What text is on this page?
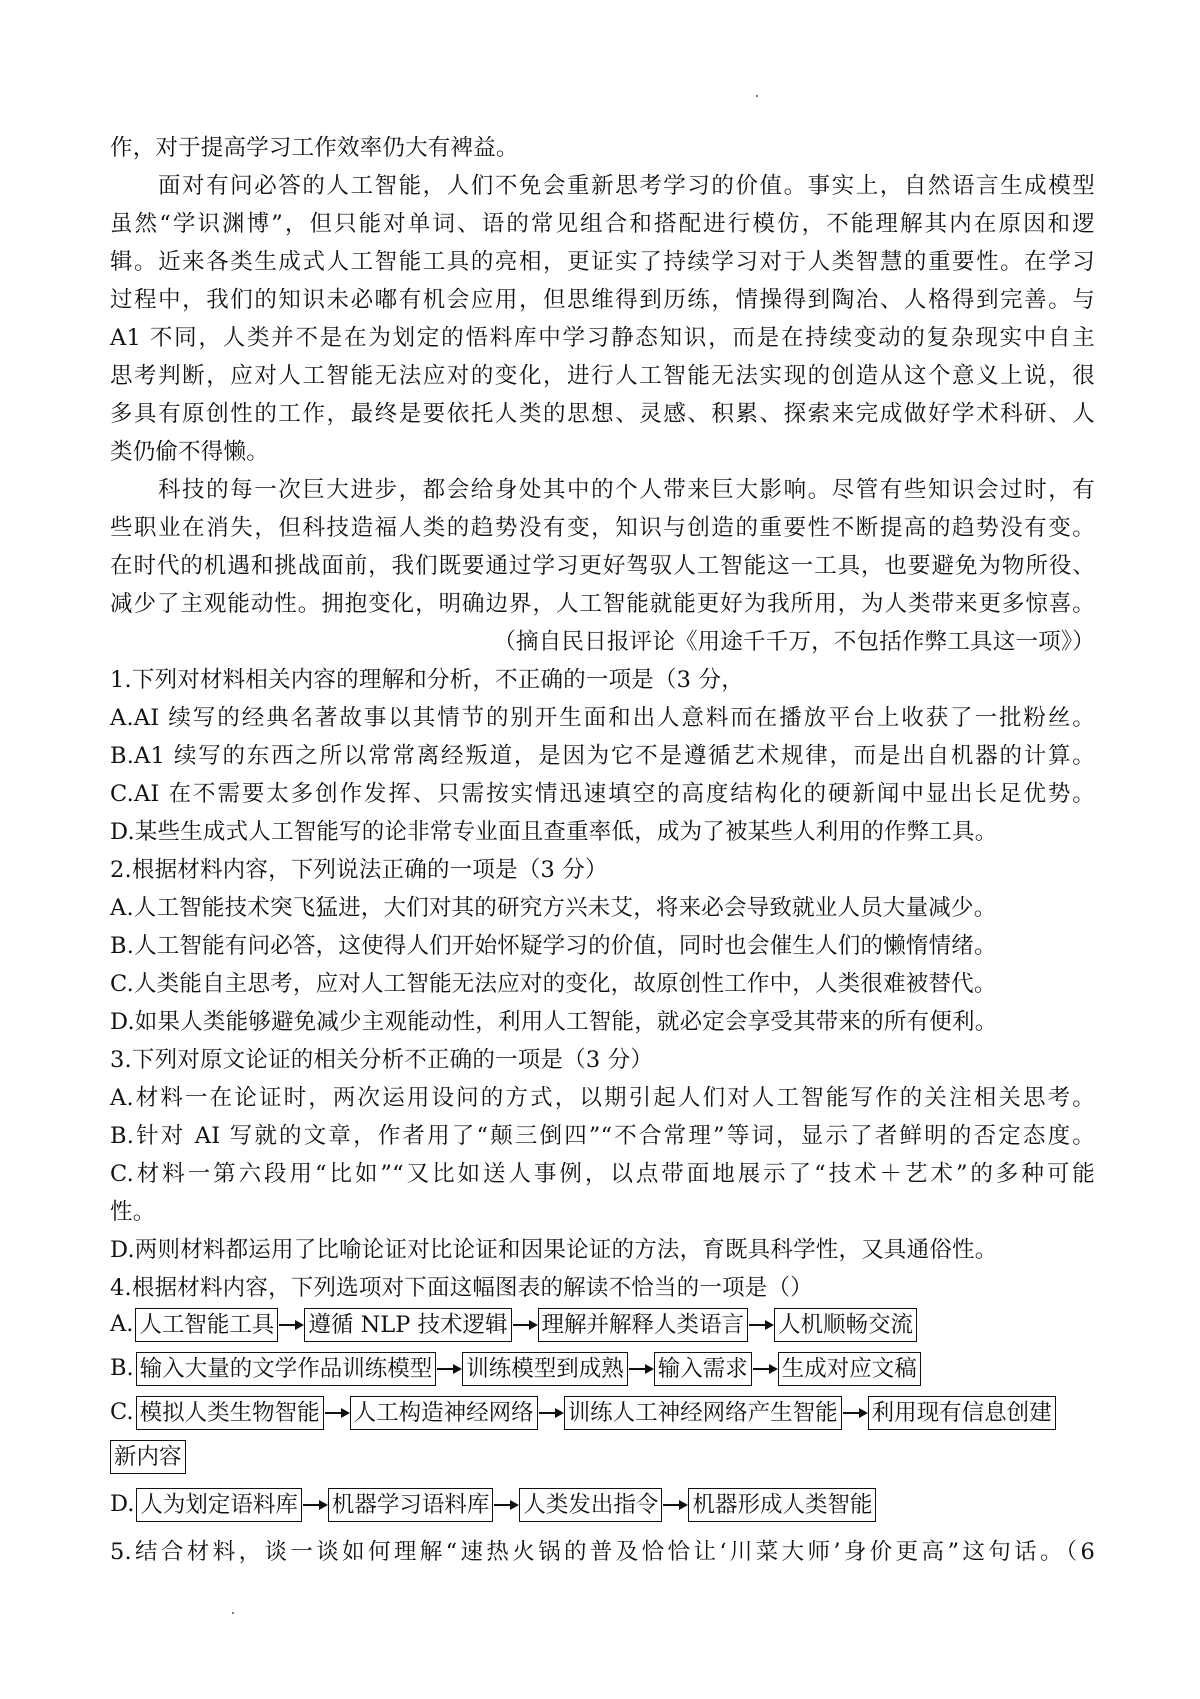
作，对于提高学习工作效率仍大有裨益。
面对有问必答的人工智能，人们不免会重新思考学习的价值。事实上，自然语言生成模型
虽然“学识渊博”，但只能对单词、语的常见组合和搭配进行模仿，不能理解其内在原因和逻
辑。近来各类生成式人工智能工具的亮相，更证实了持续学习对于人类智慧的重要性。在学习
过程中，我们的知识未必嘟有机会应用，但思维得到历练，情操得到陶冶、人格得到完善。与
A1 不同，人类并不是在为划定的悟料库中学习静态知识，而是在持续变动的复杂现实中自主
思考判断，应对人工智能无法应对的变化，进行人工智能无法实现的创造从这个意义上说，很
多具有原创性的工作，最终是要依托人类的思想、灵感、积累、探索来完成做好学术科研、人
类仍偷不得懒。
科技的每一次巨大进步，都会给身处其中的个人带来巨大影响。尽管有些知识会过时，有
些职业在消失，但科技造福人类的趋势没有变，知识与创造的重要性不断提高的趋势没有变。
在时代的机遇和挑战面前，我们既要通过学习更好驾驭人工智能这一工具，也要避免为物所役、
减少了主观能动性。拥抱变化，明确边界，人工智能就能更好为我所用，为人类带来更多惊喜。
（摘自民日报评论《用途千千万，不包括作弊工具这一项》）
1.下列对材料相关内容的理解和分析，不正确的一项是（3 分，
A.AI 续写的经典名著故事以其情节的别开生面和出人意料而在播放平台上收获了一批粉丝。
B.A1 续写的东西之所以常常离经叛道，是因为它不是遵循艺术规律，而是出自机器的计算。
C.AI 在不需要太多创作发挥、只需按实情迅速填空的高度结构化的硬新闻中显出长足优势。
D.某些生成式人工智能写的论非常专业面且查重率低，成为了被某些人利用的作弊工具。
2.根据材料内容，下列说法正确的一项是（3 分）
A.人工智能技术突飞猛进，大们对其的研究方兴未艾，将来必会导致就业人员大量减少。
B.人工智能有问必答，这使得人们开始怀疑学习的价值，同时也会催生人们的懒惰情绪。
C.人类能自主思考，应对人工智能无法应对的变化，故原创性工作中，人类很难被替代。
D.如果人类能够避免减少主观能动性，利用人工智能，就必定会享受其带来的所有便利。
3.下列对原文论证的相关分析不正确的一项是（3 分）
A.材料一在论证时，两次运用设问的方式，以期引起人们对人工智能写作的关注相关思考。
B.针对 AI 写就的文章，作者用了“颠三倒四”“不合常理”等词，显示了者鲜明的否定态度。
C.材料一第六段用“比如”“又比如送人事例，以点带面地展示了“技术＋艺术”的多种可能
性。
D.两则材料都运用了比喻论证对比论证和因果论证的方法，育既具科学性，又具通俗性。
4.根据材料内容，下列选项对下面这幅图表的解读不恰当的一项是（）
A. 人工智能工具 遵循 NLP 技术逻辑 理解并解释人类语言 人机顺畅交流
B. 输入大量的文学作品训练模型 训练模型到成熟 输入需求 生成对应文稿
C. 模拟人类生物智能 人工构造神经网络 训练人工神经网络产生智能 利用现有信息创建
新内容
D. 人为划定语料库 机器学习语料库 人类发出指令 机器形成人类智能
5.结合材料，谈一谈如何理解“速热火锅的普及恰恰让‘川菜大师’身价更高”这句话。（6
